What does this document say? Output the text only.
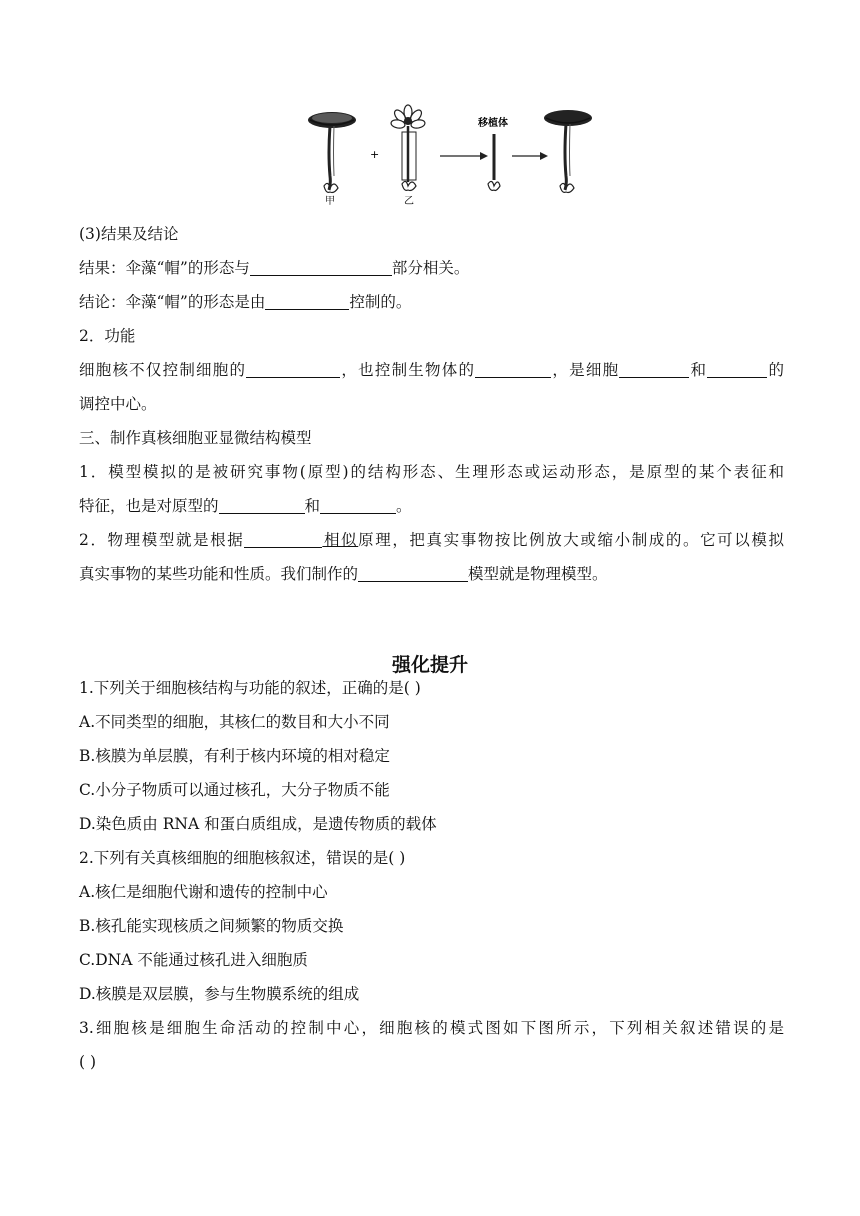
甲
+
乙
移植体
(3)结果及结论
结果：伞藻“帽”的形态与	部分相关。
结论：伞藻“帽”的形态是由	控制的。
2．功能
细胞核不仅控制细胞的	，也控制生物体的	，是细胞	和	的
调控中心。
三、制作真核细胞亚显微结构模型
1．模型模拟的是被研究事物(原型)的结构形态、生理形态或运动形态，是原型的某个表征和
特征，也是对原型的	和	。
2．物理模型就是根据	相似原理，把真实事物按比例放大或缩小制成的。它可以模拟
真实事物的某些功能和性质。我们制作的	模型就是物理模型。
强化提升
1.下列关于细胞核结构与功能的叙述，正确的是( )
A.不同类型的细胞，其核仁的数目和大小不同
B.核膜为单层膜，有利于核内环境的相对稳定
C.小分子物质可以通过核孔，大分子物质不能
D.染色质由 RNA 和蛋白质组成，是遗传物质的载体
2.下列有关真核细胞的细胞核叙述，错误的是( )
A.核仁是细胞代谢和遗传的控制中心
B.核孔能实现核质之间频繁的物质交换
C.DNA 不能通过核孔进入细胞质
D.核膜是双层膜，参与生物膜系统的组成
3.细胞核是细胞生命活动的控制中心，细胞核的模式图如下图所示，下列相关叙述错误的是
( )
